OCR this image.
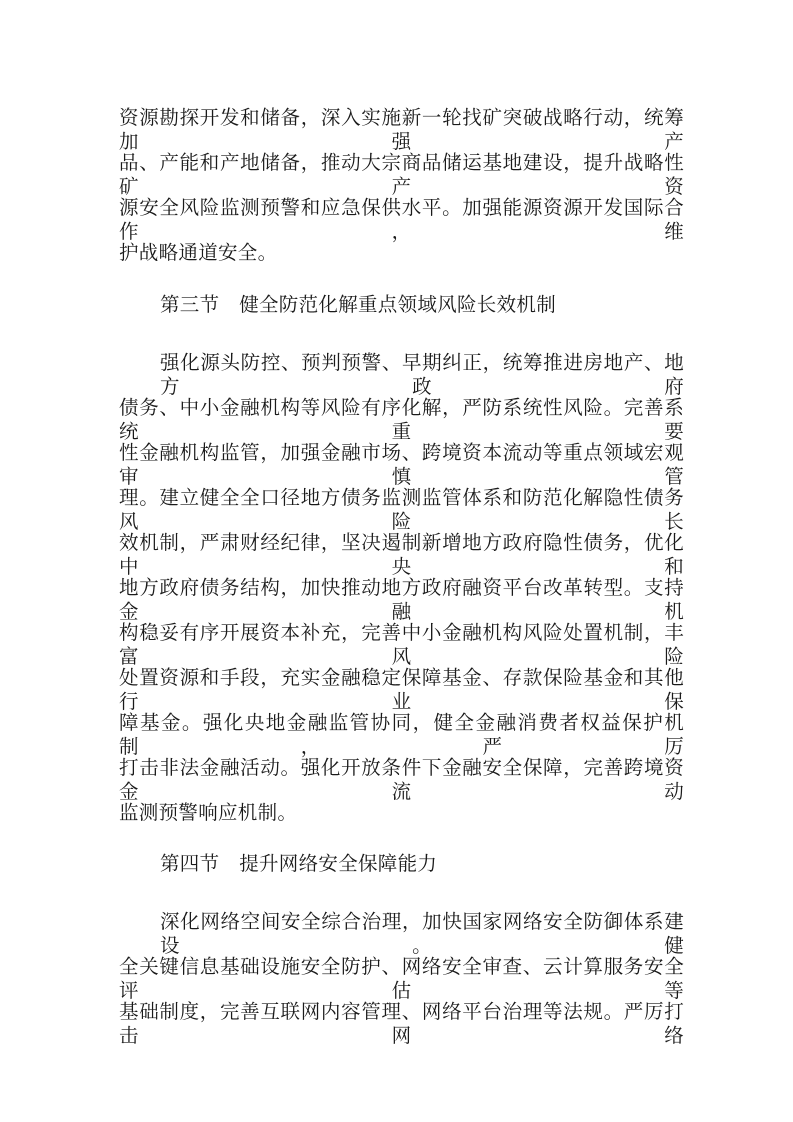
资源勘探开发和储备，深入实施新一轮找矿突破战略行动，统筹加强产
品、产能和产地储备，推动大宗商品储运基地建设，提升战略性矿产资
源安全风险监测预警和应急保供水平。加强能源资源开发国际合作，维
护战略通道安全。
第三节　健全防范化解重点领域风险长效机制
强化源头防控、预判预警、早期纠正，统筹推进房地产、地方政府
债务、中小金融机构等风险有序化解，严防系统性风险。完善系统重要
性金融机构监管，加强金融市场、跨境资本流动等重点领域宏观审慎管
理。建立健全全口径地方债务监测监管体系和防范化解隐性债务风险长
效机制，严肃财经纪律，坚决遏制新增地方政府隐性债务，优化中央和
地方政府债务结构，加快推动地方政府融资平台改革转型。支持金融机
构稳妥有序开展资本补充，完善中小金融机构风险处置机制，丰富风险
处置资源和手段，充实金融稳定保障基金、存款保险基金和其他行业保
障基金。强化央地金融监管协同，健全金融消费者权益保护机制，严厉
打击非法金融活动。强化开放条件下金融安全保障，完善跨境资金流动
监测预警响应机制。
第四节　提升网络安全保障能力
深化网络空间安全综合治理，加快国家网络安全防御体系建设。健
全关键信息基础设施安全防护、网络安全审查、云计算服务安全评估等
基础制度，完善互联网内容管理、网络平台治理等法规。严厉打击网络
